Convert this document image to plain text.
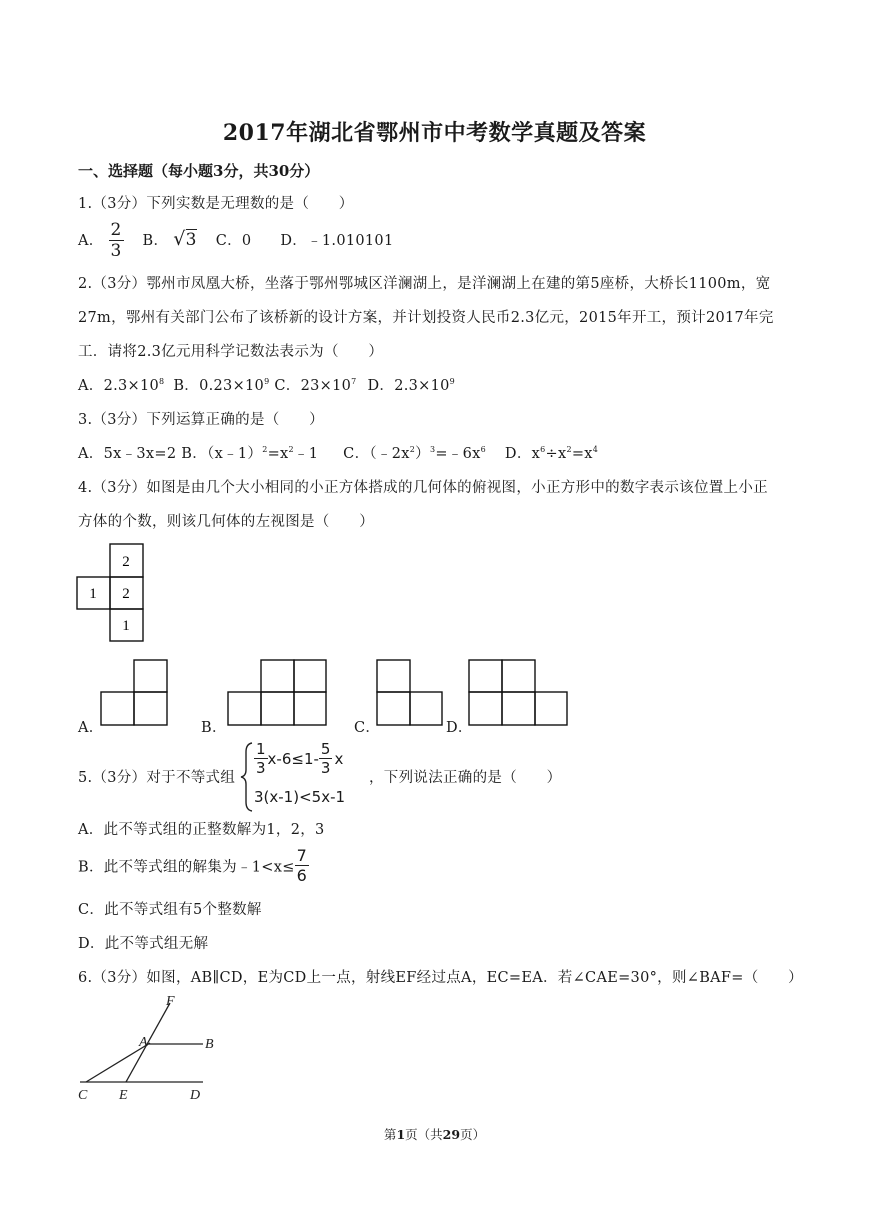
2017年湖北省鄂州市中考数学真题及答案
一、选择题（每小题3分，共30分）
1.（3分）下列实数是无理数的是（　　）
A． $\frac{2}{3}$ B． √3 C．0 D．﹣1.010101
2.（3分）鄂州市凤凰大桥，坐落于鄂州鄂城区洋澜湖上，是洋澜湖上在建的第5座桥，大桥长1100m，宽
27m，鄂州有关部门公布了该桥新的设计方案，并计划投资人民币2.3亿元，2015年开工，预计2017年完
工．请将2.3亿元用科学记数法表示为（　　）
A．$2.3\times 10^8$ B．$0.23\times 10^9$ C．$23\times 10^7$ D．$2.3\times 10^9$
3.（3分）下列运算正确的是（　　）
A．5x﹣3x=2 B．$(x﹣1)^2=x^2﹣1$ C．$(﹣2x^2)^3=﹣6x^6$ D．$x^6\div x^2=x^4$
4.（3分）如图是由几个大小相同的小正方体搭成的几何体的俯视图，小正方形中的数字表示该位置上小正
方体的个数，则该几何体的左视图是（　　）
2
1 2
1
F
A	B
C E	D
A．	B．	C．	D．
5.（3分）对于不等式组
$\frac{1}{3} x-6\le 1- \frac{5}{3}$ x
3(x-1)<5x-1
，下列说法正确的是（　　）
A．此不等式组的正整数解为1，2，3
B．此不等式组的解集为﹣1<x≤ $\frac{7}{6}$
C．此不等式组有5个整数解
D．此不等式组无解
6.（3分）如图，AB∥CD，E为CD上一点，射线EF经过点A，EC=EA．若∠CAE=30°，则∠BAF=（　　）
第1页（共29页）
